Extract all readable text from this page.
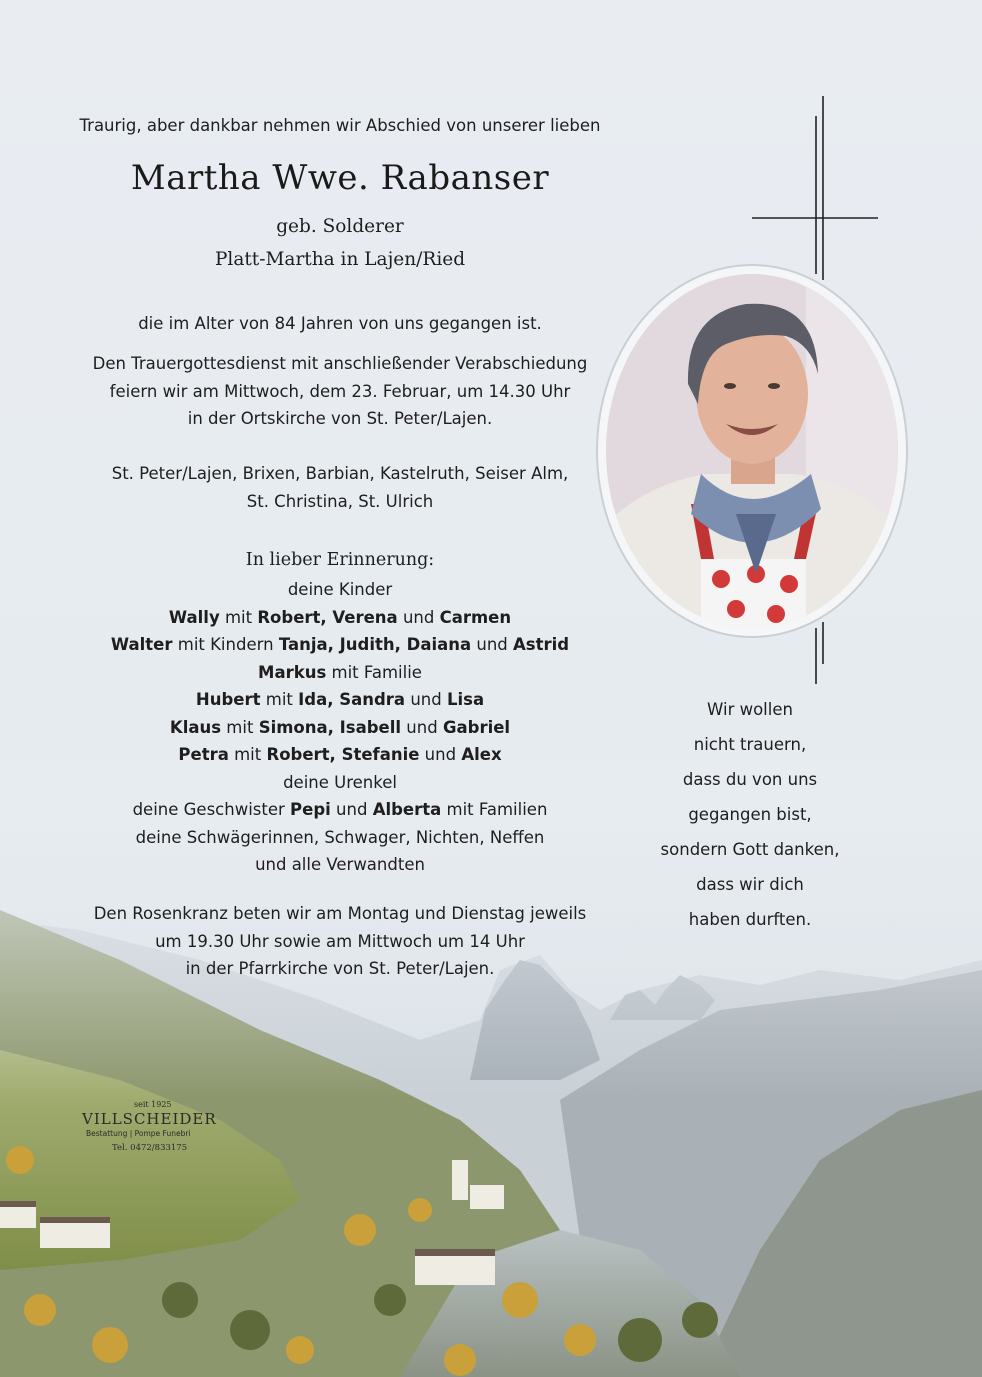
Traurig, aber dankbar nehmen wir Abschied von unserer lieben
Martha Wwe. Rabanser
geb. Solderer
Platt-Martha in Lajen/Ried
die im Alter von 84 Jahren von uns gegangen ist.
Den Trauergottesdienst mit anschließender Verabschiedung
feiern wir am Mittwoch, dem 23. Februar, um 14.30 Uhr
in der Ortskirche von St. Peter/Lajen.
St. Peter/Lajen, Brixen, Barbian, Kastelruth, Seiser Alm,
St. Christina, St. Ulrich
In lieber Erinnerung:
deine Kinder
Wally mit Robert, Verena und Carmen
Walter mit Kindern Tanja, Judith, Daiana und Astrid
Markus mit Familie
Hubert mit Ida, Sandra und Lisa
Klaus mit Simona, Isabell und Gabriel
Petra mit Robert, Stefanie und Alex
deine Urenkel
deine Geschwister Pepi und Alberta mit Familien
deine Schwägerinnen, Schwager, Nichten, Neffen
und alle Verwandten
Den Rosenkranz beten wir am Montag und Dienstag jeweils
um 19.30 Uhr sowie am Mittwoch um 14 Uhr
in der Pfarrkirche von St. Peter/Lajen.
Wir wollen
nicht trauern,
dass du von uns
gegangen bist,
sondern Gott danken,
dass wir dich
haben durften.
seit 1925
VILLSCHEIDER
Bestattung | Pompe Funebri
Tel. 0472/833175
